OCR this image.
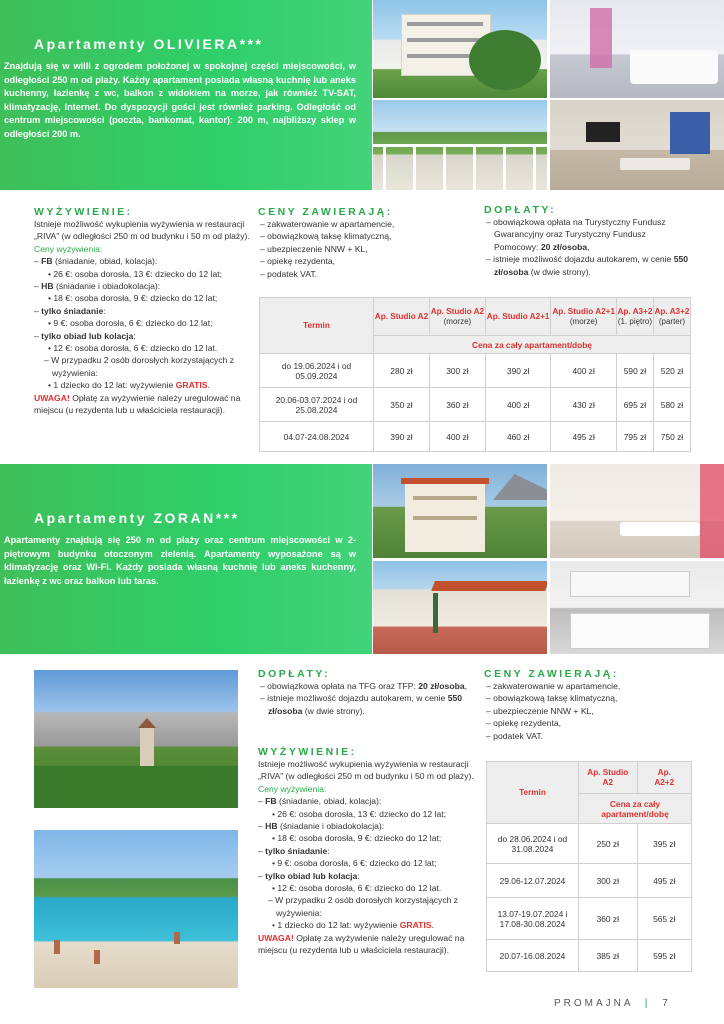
Apartamenty OLIVIERA***

Znajdują się w willi z ogrodem położonej w spokojnej części miejscowości, w odległości 250 m od plaży. Każdy apartament posiada własną kuchnię lub aneks kuchenny, łazienkę z wc, balkon z widokiem na morze, jak również TV-SAT, klimatyzację, Internet. Do dyspozycji gości jest również parking. Odległość od centrum miejscowości (poczta, bankomat, kantor): 200 m, najbliższy sklep w odległości 200 m.

WYŻYWIENIE:
Istnieje możliwość wykupienia wyżywienia w restauracji „RIVA” (w odległości 250 m od budynku i 50 m od plaży).
Ceny wyżywienia:
– FB (śniadanie, obiad, kolacja):
• 26 €: osoba dorosła, 13 €: dziecko do 12 lat;
– HB (śniadanie i obiadokolacja):
• 18 €: osoba dorosła, 9 €: dziecko do 12 lat;
– tylko śniadanie:
• 9 €: osoba dorosła, 6 €: dziecko do 12 lat;
– tylko obiad lub kolacja:
• 12 €: osoba dorosła, 6 €: dziecko do 12 lat.
– W przypadku 2 osób dorosłych korzystających z wyżywienia:
• 1 dziecko do 12 lat: wyżywienie GRATIS.
UWAGA! Opłatę za wyżywienie należy uregulować na miejscu (u rezydenta lub u właściciela restauracji).
CENY ZAWIERAJĄ:
– zakwaterowanie w apartamencie,
– obowiązkową taksę klimatyczną,
– ubezpieczenie NNW + KL,
– opiekę rezydenta,
– podatek VAT.
DOPŁATY:
– obowiązkowa opłata na Turystyczny Fundusz Gwarancyjny oraz Turystyczny Fundusz Pomocowy: 20 zł/osoba,
– istnieje możliwość dojazdu autokarem, w cenie 550 zł/osoba (w dwie strony).
Termin	Ap. Studio A2	Ap. Studio A2
(morze)	Ap. Studio A2+1	Ap. Studio A2+1
(morze)	Ap. A3+2
(1. piętro)	Ap. A3+2
(parter)
	Cena za cały apartament/dobę					
do 19.06.2024 i od 05.09.2024	280 zł	300 zł	390 zł	400 zł	590 zł	520 zł
20.06-03.07.2024 i od 25.08.2024	350 zł	360 zł	400 zł	430 zł	695 zł	580 zł
04.07-24.08.2024	390 zł	400 zł	460 zł	495 zł	795 zł	750 zł
Apartamenty ZORAN***

Apartamenty znajdują się 250 m od plaży oraz centrum miejscowości w 2-piętrowym budynku otoczonym zielenią. Apartamenty wyposażone są w klimatyzację oraz Wi-Fi. Każdy posiada własną kuchnię lub aneks kuchenny, łazienkę z wc oraz balkon lub taras.

DOPŁATY:
– obowiązkowa opłata na TFG oraz TFP: 20 zł/osoba,
– istnieje możliwość dojazdu autokarem, w cenie 550 zł/osoba (w dwie strony).
WYŻYWIENIE:
Istnieje możliwość wykupienia wyżywienia w restauracji „RIVA” (w odległości 250 m od budynku i 50 m od plaży).
Ceny wyżywienia:
– FB (śniadanie, obiad, kolacja):
• 26 €: osoba dorosła, 13 €: dziecko do 12 lat;
– HB (śniadanie i obiadokolacja):
• 18 €: osoba dorosła, 9 €: dziecko do 12 lat;
– tylko śniadanie:
• 9 €: osoba dorosła, 6 €: dziecko do 12 lat;
– tylko obiad lub kolacja:
• 12 €: osoba dorosła, 6 €: dziecko do 12 lat.
– W przypadku 2 osób dorosłych korzystających z wyżywienia:
• 1 dziecko do 12 lat: wyżywienie GRATIS.
UWAGA! Opłatę za wyżywienie należy uregulować na miejscu (u rezydenta lub u właściciela restauracji).
CENY ZAWIERAJĄ:
– zakwaterowanie w apartamencie,
– obowiązkową taksę klimatyczną,
– ubezpieczenie NNW + KL,
– opiekę rezydenta,
– podatek VAT.
Termin	Ap. Studio A2	Ap. A2+2

	Cena za cały apartament/dobę	
do 28.06.2024 i od 31.08.2024	250 zł	395 zł
29.06-12.07.2024	300 zł	495 zł
13.07-19.07.2024 i 17.08-30.08.2024	360 zł	565 zł
20.07-16.08.2024	385 zł	595 zł
PROMAJNA | 7
